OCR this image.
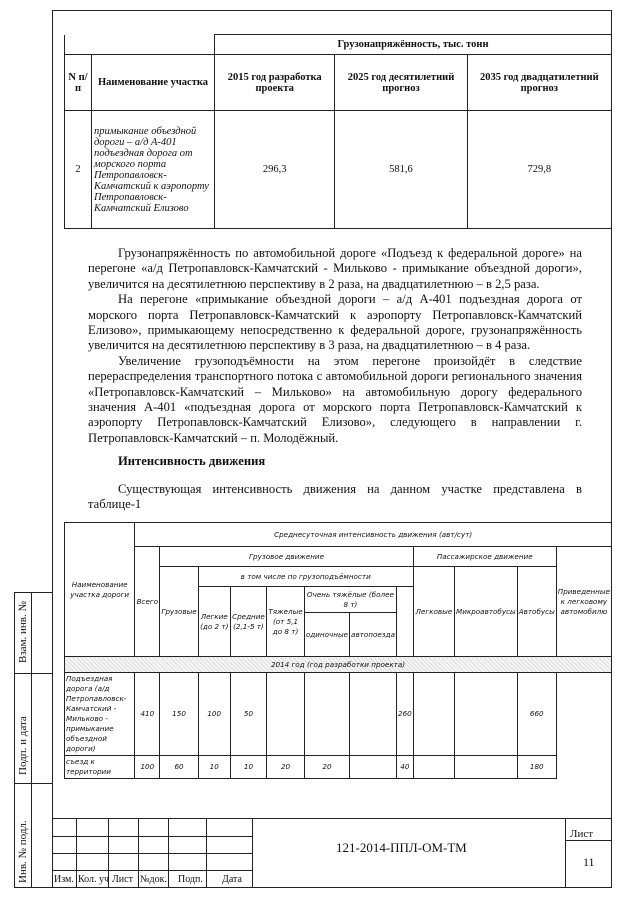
Взам. инв. №
Подп. и дата
Инв. № подл.
		Грузонапряжённость, тыс. тонн		
N п/п	Наименование участка	2015 год разработка проекта	2025 год десятилетний прогноз	2035 год двадцатилетний прогноз
2	примыкание объездной дороги – а/д А-401 подъездная дорога от морского порта Петропавловск-Камчатский к аэропорту Петропавловск-Камчатский Елизово	296,3	581,6	729,8

Грузонапряжённость по автомобильной дороге «Подъезд к федеральной дороге» на перегоне «а/д Петропавловск-Камчатский - Мильково - примыкание объездной дороги», увеличится на десятилетнюю перспективу в 2 раза, на двадцатилетнюю – в 2,5 раза.

На перегоне «примыкание объездной дороги – а/д А-401 подъездная дорога от морского порта Петропавловск-Камчатский к аэропорту Петропавловск-Камчатский Елизово», примыкающему непосредственно к федеральной дороге, грузонапряжённость увеличится на десятилетнюю перспективу в 3 раза, на двадцатилетнюю – в 4 раза.

Увеличение грузоподъёмности на этом перегоне произойдёт в следствие перераспределения транспортного потока с автомобильной дороги регионального значения «Петропавловск-Камчатский – Мильково» на автомобильную дорогу федерального значения А-401 «подъездная дорога от морского порта Петропавловск-Камчатский к аэропорту Петропавловск-Камчатский Елизово», следующего в направлении г. Петропавловск-Камчатский – п. Молодёжный.

Интенсивность движения

Существующая интенсивность движения на данном участке представлена в таблице-1

Наименование участка дороги	Среднесуточная интенсивность движения (авт/сут)											
	Всего	Грузовое движение							Пассажирское движение			Приведенные к легковому автомобилю
		Грузовые	в том числе по грузоподъёмности						Легковые	Микроавтобусы	Автобусы	
			Легкие (до 2 т)	Средние (2,1-5 т)	Тяжелые (от 5,1 до 8 т)	Очень тяжёлые (более 8 т)					
						одиночные	автопоезда					
2014 год (год разработки проекта)												
Подъездная дорога (а/д Петропавловск-Камчатский - Мильково - примыкание объездной дороги)	410	150	100	50				260			660	
съезд к территории	100	60	10	10	20	20		40			180	
Изм. Кол. уч Лист №док. Подп. Дата
121-2014-ППЛ-ОМ-ТМ
Лист
11
